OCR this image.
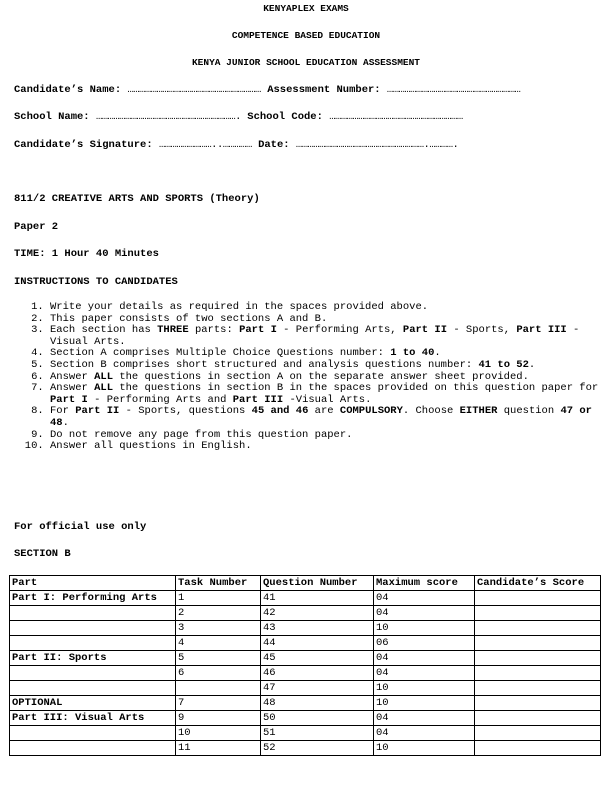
KENYAPLEX EXAMS
COMPETENCE BASED EDUCATION
KENYA JUNIOR SCHOOL EDUCATION ASSESSMENT
Candidate’s Name: …………………………………………………………… Assessment Number: ……………………………………………………………
School Name: ………………………………………………………………. School Code: ……………………………………………………………
Candidate’s Signature: ………………………..…………… Date: ………………………………………………………….………….
811/2 CREATIVE ARTS AND SPORTS (Theory)
Paper 2
TIME: 1 Hour 40 Minutes
INSTRUCTIONS TO CANDIDATES
1. Write your details as required in the spaces provided above.
2. This paper consists of two sections A and B.
3. Each section has THREE parts: Part I - Performing Arts, Part II - Sports, Part III -Visual Arts.
4. Section A comprises Multiple Choice Questions number: 1 to 40.
5. Section B comprises short structured and analysis questions number: 41 to 52.
6. Answer ALL the questions in section A on the separate answer sheet provided.
7. Answer ALL the questions in section B in the spaces provided on this question paper for Part I - Performing Arts and Part III -Visual Arts.
8. For Part II - Sports, questions 45 and 46 are COMPULSORY. Choose EITHER question 47 or 48.
9. Do not remove any page from this question paper.
10. Answer all questions in English.
For official use only
SECTION B
Part	Task Number	Question Number	Maximum score	Candidate’s Score
Part I: Performing Arts	1	41	04	
	2	42	04	
	3	43	10	
	4	44	06	
Part II: Sports	5	45	04	
	6	46	04	
		47	10	
OPTIONAL	7	48	10	
Part III: Visual Arts	9	50	04	
	10	51	04	
	11	52	10	
